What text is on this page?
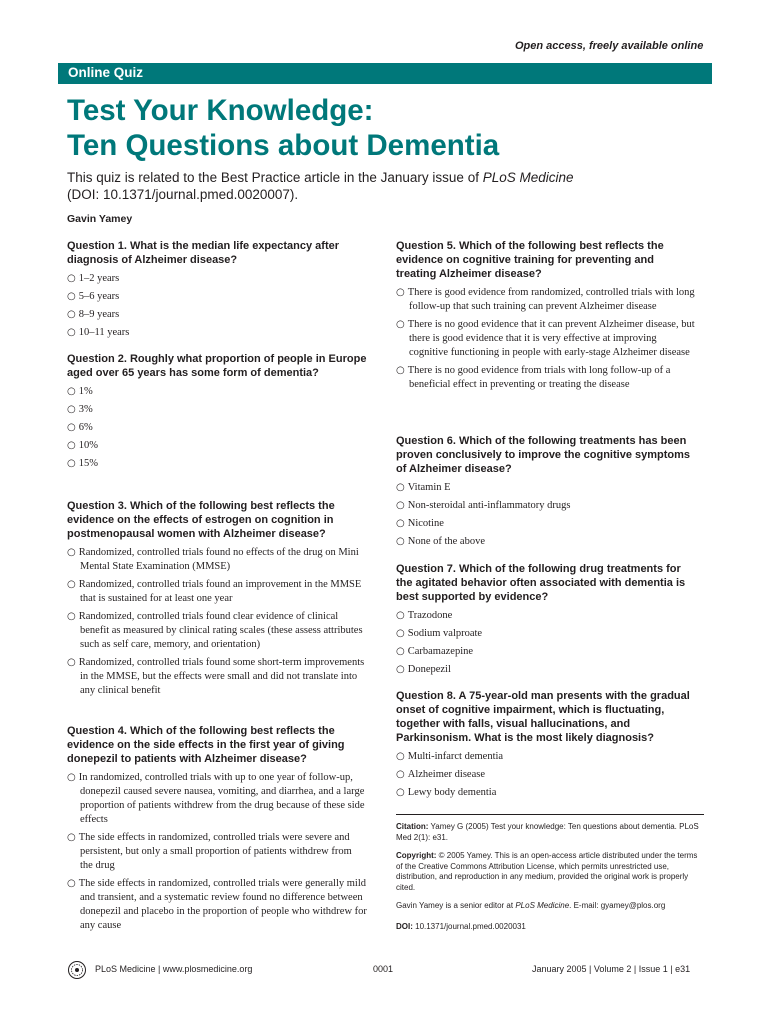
Open access, freely available online
Online Quiz
Test Your Knowledge:
Ten Questions about Dementia

This quiz is related to the Best Practice article in the January issue of PLoS Medicine
(DOI: 10.1371/journal.pmed.0020007).

Gavin Yamey

Question 1. What is the median life expectancy after diagnosis of Alzheimer disease?

○ 1–2 years

○ 5–6 years

○ 8–9 years

○ 10–11 years

Question 2. Roughly what proportion of people in Europe aged over 65 years has some form of dementia?

○ 1%

○ 3%

○ 6%

○ 10%

○ 15%

Question 3. Which of the following best reflects the evidence on the effects of estrogen on cognition in postmenopausal women with Alzheimer disease?

○ Randomized, controlled trials found no effects of the drug on Mini Mental State Examination (MMSE)

○ Randomized, controlled trials found an improvement in the MMSE that is sustained for at least one year

○ Randomized, controlled trials found clear evidence of clinical benefit as measured by clinical rating scales (these assess attributes such as self care, memory, and orientation)

○ Randomized, controlled trials found some short-term improvements in the MMSE, but the effects were small and did not translate into any clinical benefit

Question 4. Which of the following best reflects the evidence on the side effects in the first year of giving donepezil to patients with Alzheimer disease?

○ In randomized, controlled trials with up to one year of follow-up, donepezil caused severe nausea, vomiting, and diarrhea, and a large proportion of patients withdrew from the drug because of these side effects

○ The side effects in randomized, controlled trials were severe and persistent, but only a small proportion of patients withdrew from the drug

○ The side effects in randomized, controlled trials were generally mild and transient, and a systematic review found no difference between donepezil and placebo in the proportion of people who withdrew for any cause

Question 5. Which of the following best reflects the evidence on cognitive training for preventing and treating Alzheimer disease?

○ There is good evidence from randomized, controlled trials with long follow-up that such training can prevent Alzheimer disease

○ There is no good evidence that it can prevent Alzheimer disease, but there is good evidence that it is very effective at improving cognitive functioning in people with early-stage Alzheimer disease

○ There is no good evidence from trials with long follow-up of a beneficial effect in preventing or treating the disease

Question 6. Which of the following treatments has been proven conclusively to improve the cognitive symptoms of Alzheimer disease?

○ Vitamin E

○ Non-steroidal anti-inflammatory drugs

○ Nicotine

○ None of the above

Question 7. Which of the following drug treatments for the agitated behavior often associated with dementia is best supported by evidence?

○ Trazodone

○ Sodium valproate

○ Carbamazepine

○ Donepezil

Question 8. A 75-year-old man presents with the gradual onset of cognitive impairment, which is fluctuating, together with falls, visual hallucinations, and Parkinsonism. What is the most likely diagnosis?

○ Multi-infarct dementia

○ Alzheimer disease

○ Lewy body dementia

Citation: Yamey G (2005) Test your knowledge: Ten questions about dementia. PLoS Med 2(1): e31.

Copyright: © 2005 Yamey. This is an open-access article distributed under the terms of the Creative Commons Attribution License, which permits unrestricted use, distribution, and reproduction in any medium, provided the original work is properly cited.

Gavin Yamey is a senior editor at PLoS Medicine. E-mail: gyamey@plos.org

DOI: 10.1371/journal.pmed.0020031

PLoS Medicine | www.plosmedicine.org	0001	January 2005 | Volume 2 | Issue 1 | e31
